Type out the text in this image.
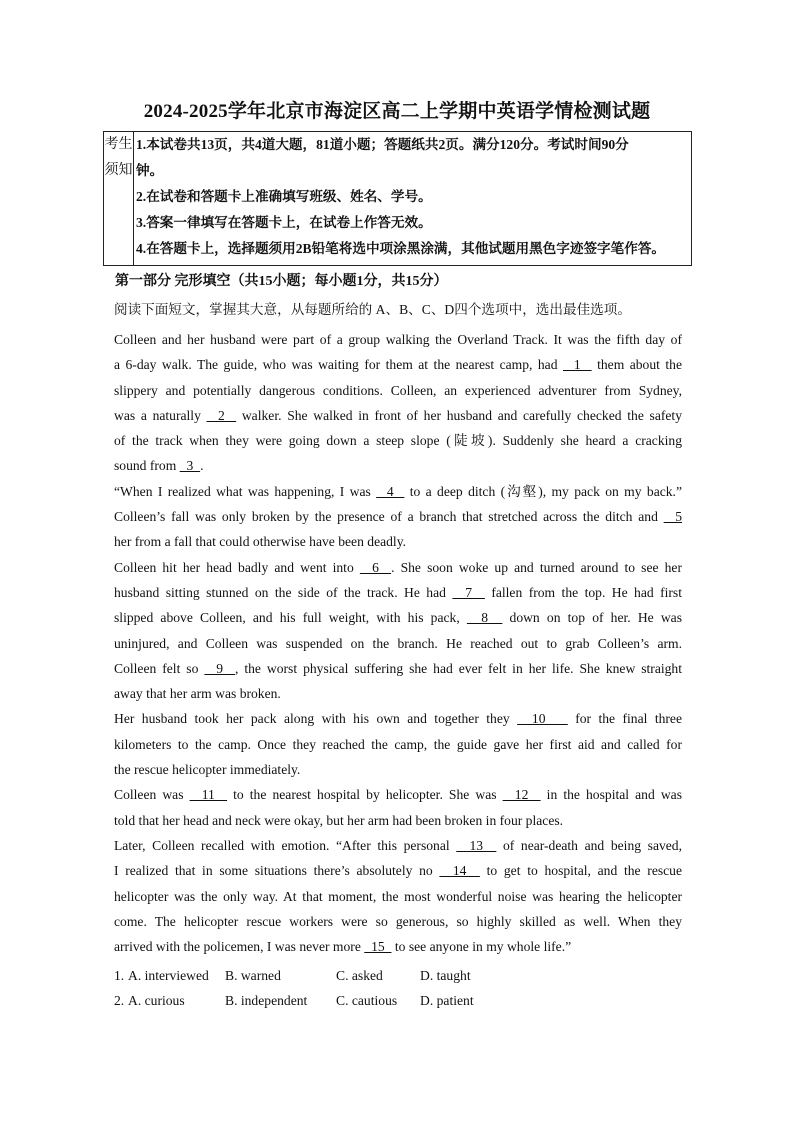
2024-2025学年北京市海淀区高二上学期中英语学情检测试题
考生
须知
1.本试卷共13页，共4道大题，81道小题；答题纸共2页。满分120分。考试时间90分
钟。
2.在试卷和答题卡上准确填写班级、姓名、学号。
3.答案一律填写在答题卡上，在试卷上作答无效。
4.在答题卡上，选择题须用2B铅笔将选中项涂黑涂满，其他试题用黑色字迹签字笔作答。
第一部分 完形填空（共15小题；每小题1分，共15分）
阅读下面短文，掌握其大意，从每题所给的 A、B、C、D四个选项中，选出最佳选项。
Colleen and her husband were part of a group walking the Overland Track. It was the fifth day of
a 6-day walk. The guide, who was waiting for them at the nearest camp, had   1   them about the
slippery and potentially dangerous conditions. Colleen, an experienced adventurer from Sydney,
was a naturally   2   walker. She walked in front of her husband and carefully checked the safety
of the track when they were going down a steep slope (陡坡). Suddenly she heard a cracking
sound from   3  .
“When I realized what was happening, I was   4   to a deep ditch (沟壑), my pack on my back.”
Colleen’s fall was only broken by the presence of a branch that stretched across the ditch and   5
her from a fall that could otherwise have been deadly.
Colleen hit her head badly and went into   6  . She soon woke up and turned around to see her
husband sitting stunned on the side of the track. He had   7   fallen from the top. He had first
slipped above Colleen, and his full weight, with his pack,   8   down on top of her. He was
uninjured, and Colleen was suspended on the branch. He reached out to grab Colleen’s arm.
Colleen felt so   9  , the worst physical suffering she had ever felt in her life. She knew straight
away that her arm was broken.
Her husband took her pack along with his own and together they   10    for the final three
kilometers to the camp. Once they reached the camp, the guide gave her first aid and called for
the rescue helicopter immediately.
Colleen was   11   to the nearest hospital by helicopter. She was   12   in the hospital and was
told that her head and neck were okay, but her arm had been broken in four places.
Later, Colleen recalled with emotion. “After this personal   13   of near-death and being saved,
I realized that in some situations there’s absolutely no   14   to get to hospital, and the rescue
helicopter was the only way. At that moment, the most wonderful noise was hearing the helicopter
come. The helicopter rescue workers were so generous, so highly skilled as well. When they
arrived with the policemen, I was never more   15   to see anyone in my whole life.”
1. A. interviewed B. warned	C. asked	D. taught
2. A. curious	B. independent C. cautious D. patient
